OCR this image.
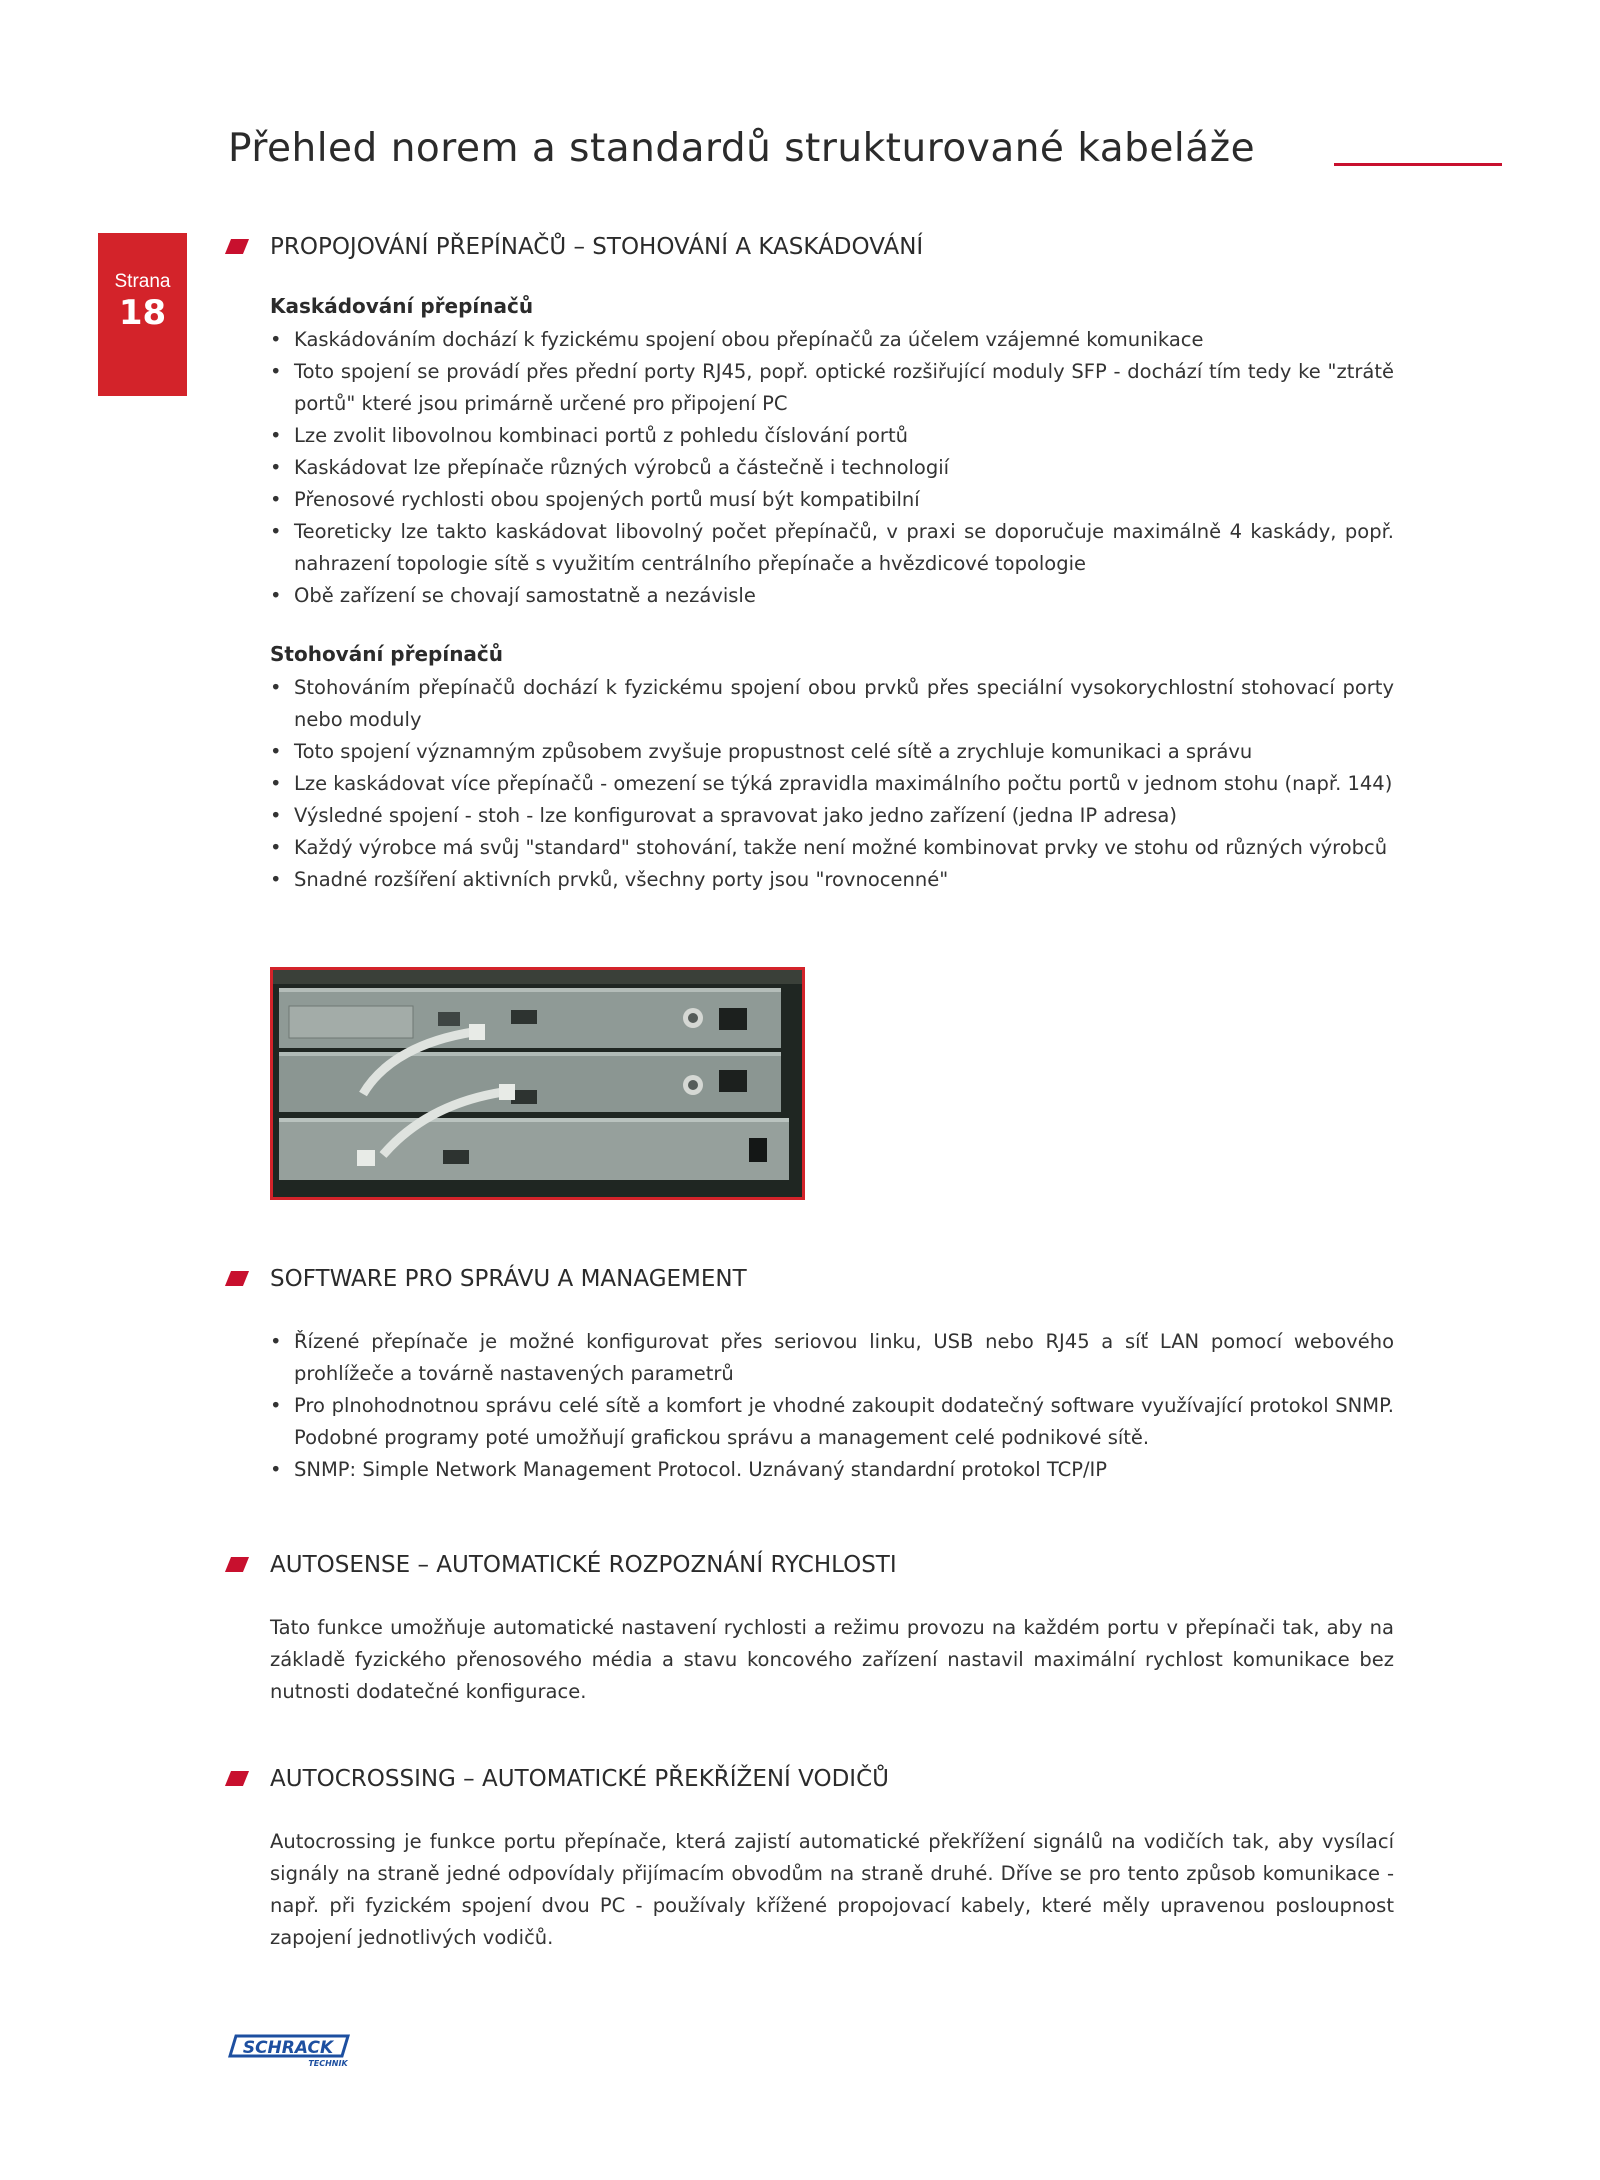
Přehled norem a standardů strukturované kabeláže
Strana
18
PROPOJOVÁNÍ PŘEPÍNAČŮ – STOHOVÁNÍ A KASKÁDOVÁNÍ
Kaskádování přepínačů
• Kaskádováním dochází k fyzickému spojení obou přepínačů za účelem vzájemné komunikace
• Toto spojení se provádí přes přední porty RJ45, popř. optické rozšiřující moduly SFP - dochází tím tedy ke "ztrátě portů" které jsou primárně určené pro připojení PC
• Lze zvolit libovolnou kombinaci portů z pohledu číslování portů
• Kaskádovat lze přepínače různých výrobců a částečně i technologií
• Přenosové rychlosti obou spojených portů musí být kompatibilní
• Teoreticky lze takto kaskádovat libovolný počet přepínačů, v praxi se doporučuje maximálně 4 kaskády, popř. nahrazení topologie sítě s využitím centrálního přepínače a hvězdicové topologie
• Obě zařízení se chovají samostatně a nezávisle
Stohování přepínačů
• Stohováním přepínačů dochází k fyzickému spojení obou prvků přes speciální vysokorychlostní stohovací porty nebo moduly
• Toto spojení významným způsobem zvyšuje propustnost celé sítě a zrychluje komunikaci a správu
• Lze kaskádovat více přepínačů - omezení se týká zpravidla maximálního počtu portů v jednom stohu (např. 144)
• Výsledné spojení - stoh - lze konfigurovat a spravovat jako jedno zařízení (jedna IP adresa)
• Každý výrobce má svůj "standard" stohování, takže není možné kombinovat prvky ve stohu od různých výrobců
• Snadné rozšíření aktivních prvků, všechny porty jsou "rovnocenné"
SOFTWARE PRO SPRÁVU A MANAGEMENT
• Řízené přepínače je možné konfigurovat přes seriovou linku, USB nebo RJ45 a síť LAN pomocí webového prohlížeče a továrně nastavených parametrů
• Pro plnohodnotnou správu celé sítě a komfort je vhodné zakoupit dodatečný software využívající protokol SNMP. Podobné programy poté umožňují grafickou správu a management celé podnikové sítě.
• SNMP: Simple Network Management Protocol. Uznávaný standardní protokol TCP/IP
AUTOSENSE – AUTOMATICKÉ ROZPOZNÁNÍ RYCHLOSTI

Tato funkce umožňuje automatické nastavení rychlosti a režimu provozu na každém portu v přepínači tak, aby na základě fyzického přenosového média a stavu koncového zařízení nastavil maximální rychlost komunikace bez nutnosti dodatečné konfigurace.

AUTOCROSSING – AUTOMATICKÉ PŘEKŘÍŽENÍ VODIČŮ

Autocrossing je funkce portu přepínače, která zajistí automatické překřížení signálů na vodičích tak, aby vysílací signály na straně jedné odpovídaly přijímacím obvodům na straně druhé. Dříve se pro tento způsob komunikace - např. při fyzickém spojení dvou PC - používaly křížené propojovací kabely, které měly upravenou posloupnost zapojení jednotlivých vodičů.

SCHRACK
TECHNIK
